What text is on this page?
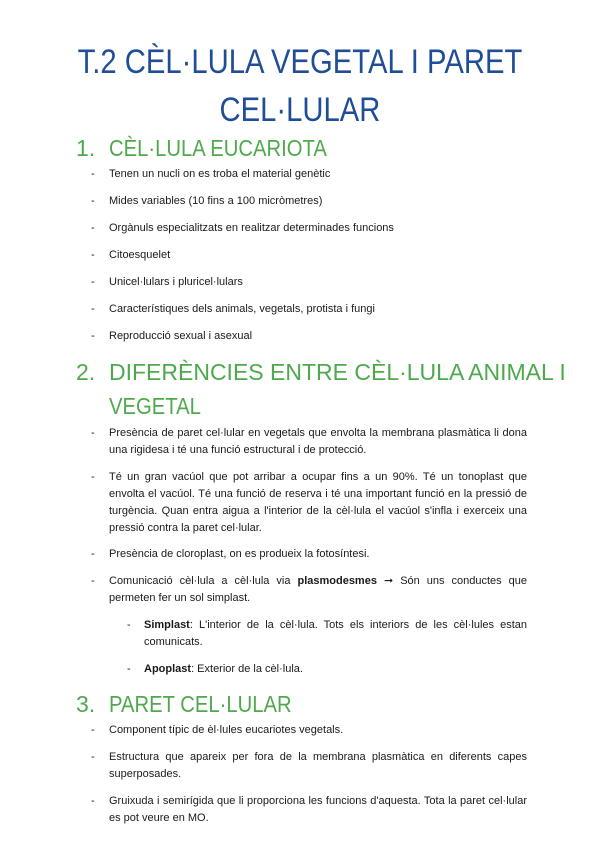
T.2 CÈL·LULA VEGETAL I PARET
CEL·LULAR
1. CÈL·LULA EUCARIOTA
- Tenen un nucli on es troba el material genètic
- Mides variables (10 fins a 100 micròmetres)
- Orgànuls especialitzats en realitzar determinades funcions
- Citoesquelet
- Unicel·lulars i pluricel·lulars
- Característiques dels animals, vegetals, protista i fungi
- Reproducció sexual i asexual
2. DIFERÈNCIES ENTRE CÈL·LULA ANIMAL I
VEGETAL
- Presència de paret cel·lular en vegetals que envolta la membrana plasmàtica li dona una rigidesa i té una funció estructural i de protecció.
- Té un gran vacúol que pot arribar a ocupar fins a un 90%. Té un tonoplast que envolta el vacúol. Té una funció de reserva i té una important funció en la pressió de turgència. Quan entra aigua a l'interior de la cèl·lula el vacúol s'infla i exerceix una pressió contra la paret cel·lular.
- Presència de cloroplast, on es produeix la fotosíntesi.
- Comunicació cèl·lula a cèl·lula via plasmodesmes ➞ Són uns conductes que permeten fer un sol simplast.
- Simplast: L'interior de la cèl·lula. Tots els interiors de les cèl·lules estan comunicats.
- Apoplast: Exterior de la cèl·lula.
3. PARET CEL·LULAR
- Component típic de èl·lules eucariotes vegetals.
- Estructura que apareix per fora de la membrana plasmàtica en diferents capes superposades.
- Gruixuda i semirígida que li proporciona les funcions d'aquesta. Tota la paret cel·lular es pot veure en MO.
